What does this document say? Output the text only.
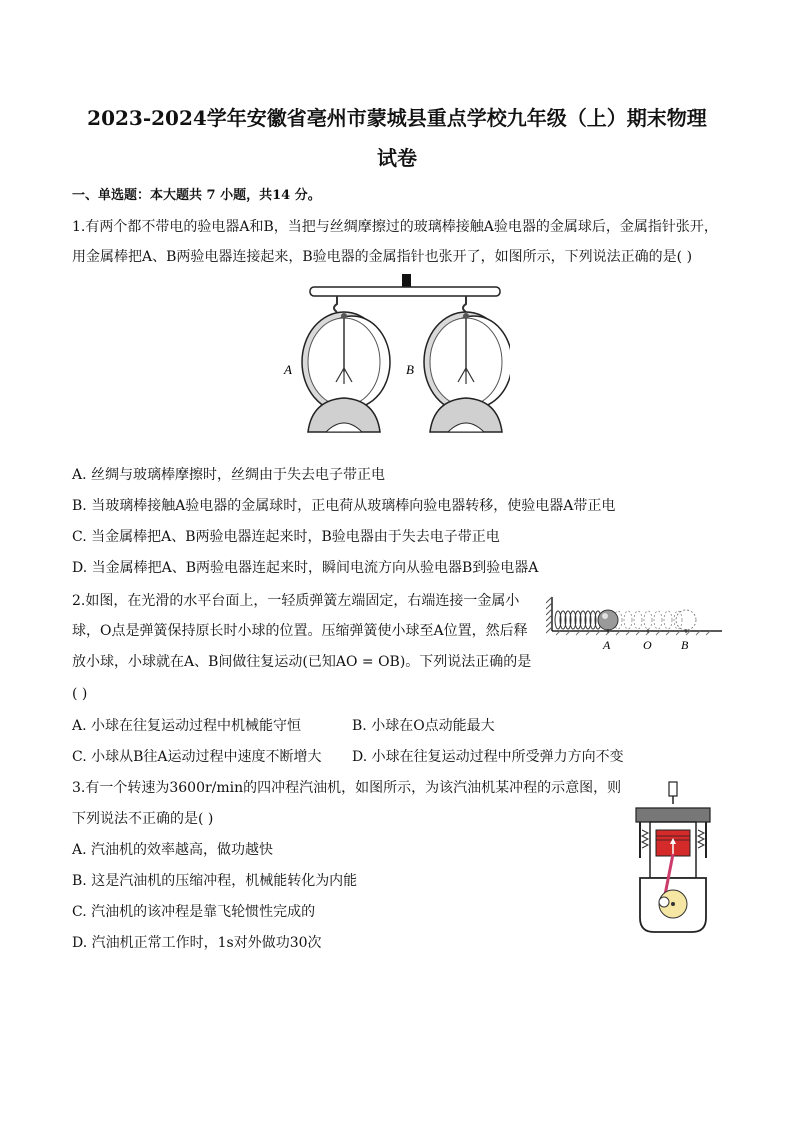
2023-2024学年安徽省亳州市蒙城县重点学校九年级（上）期末物理
试卷
一、单选题：本大题共 7 小题，共14 分。
1.有两个都不带电的验电器A和B，当把与丝绸摩擦过的玻璃棒接触A验电器的金属球后，金属指针张开，
用金属棒把A、B两验电器连接起来，B验电器的金属指针也张开了，如图所示，下列说法正确的是( )
A	B
A. 丝绸与玻璃棒摩擦时，丝绸由于失去电子带正电
B. 当玻璃棒接触A验电器的金属球时，正电荷从玻璃棒向验电器转移，使验电器A带正电
C. 当金属棒把A、B两验电器连起来时，B验电器由于失去电子带正电
D. 当金属棒把A、B两验电器连起来时，瞬间电流方向从验电器B到验电器A
2.如图，在光滑的水平台面上，一轻质弹簧左端固定，右端连接一金属小
球，O点是弹簧保持原长时小球的位置。压缩弹簧使小球至A位置，然后释
放小球，小球就在A、B间做往复运动(已知AO = OB)。下列说法正确的是
( )
A	O B
A. 小球在往复运动过程中机械能守恒	B. 小球在O点动能最大
C. 小球从B往A运动过程中速度不断增大 D. 小球在往复运动过程中所受弹力方向不变
3.有一个转速为3600r/min的四冲程汽油机，如图所示，为该汽油机某冲程的示意图，则
下列说法不正确的是( )
A. 汽油机的效率越高，做功越快
B. 这是汽油机的压缩冲程，机械能转化为内能
C. 汽油机的该冲程是靠飞轮惯性完成的
D. 汽油机正常工作时，1s对外做功30次
